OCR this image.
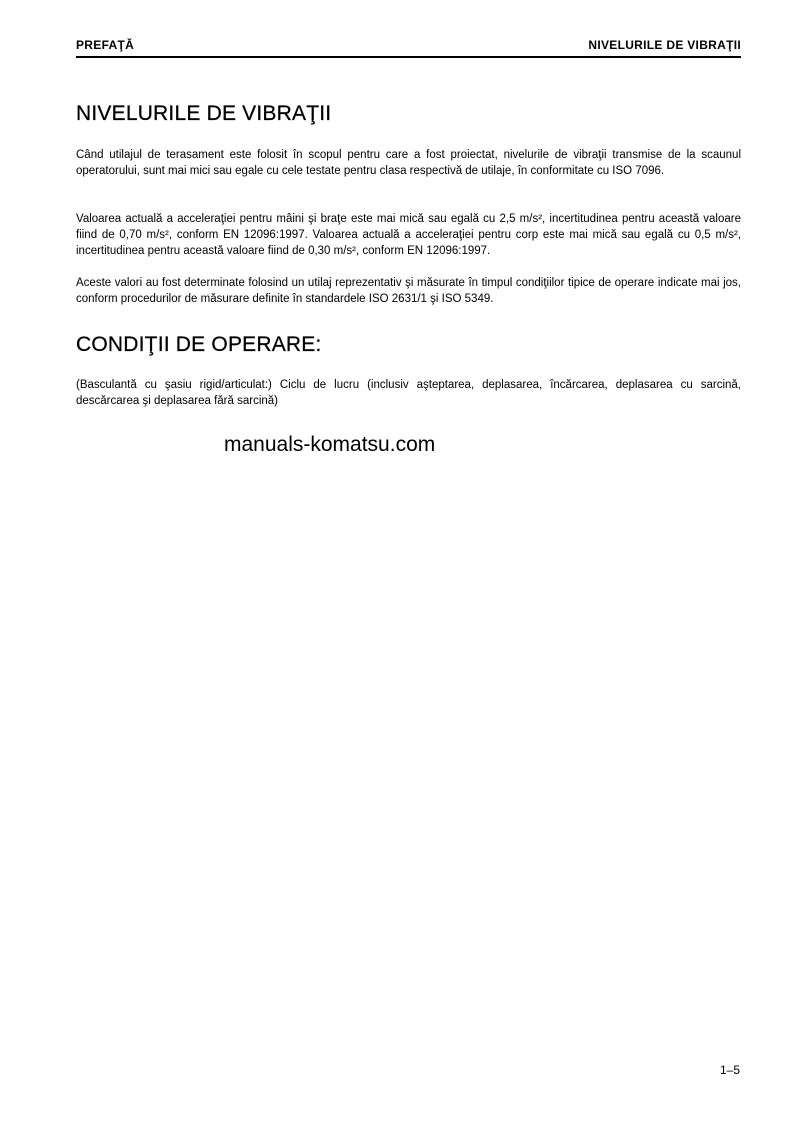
PREFAŢĂ	NIVELURILE DE VIBRAŢII
NIVELURILE DE VIBRAŢII

Când utilajul de terasament este folosit în scopul pentru care a fost proiectat, nivelurile de vibraţii transmise de la scaunul operatorului, sunt mai mici sau egale cu cele testate pentru clasa respectivă de utilaje, în conformitate cu ISO 7096.

Valoarea actuală a acceleraţiei pentru mâini şi braţe este mai mică sau egală cu 2,5 m/s², incertitudinea pentru această valoare fiind de 0,70 m/s², conform EN 12096:1997. Valoarea actuală a acceleraţiei pentru corp este mai mică sau egală cu 0,5 m/s², incertitudinea pentru această valoare fiind de 0,30 m/s², conform EN 12096:1997.

Aceste valori au fost determinate folosind un utilaj reprezentativ şi măsurate în timpul condiţiilor tipice de operare indicate mai jos, conform procedurilor de măsurare definite în standardele ISO 2631/1 şi ISO 5349.

CONDIŢII DE OPERARE:

(Basculantă cu şasiu rigid/articulat:) Ciclu de lucru (inclusiv aşteptarea, deplasarea, încărcarea, deplasarea cu sarcină, descărcarea şi deplasarea fără sarcină)

manuals-komatsu.com
1–5
